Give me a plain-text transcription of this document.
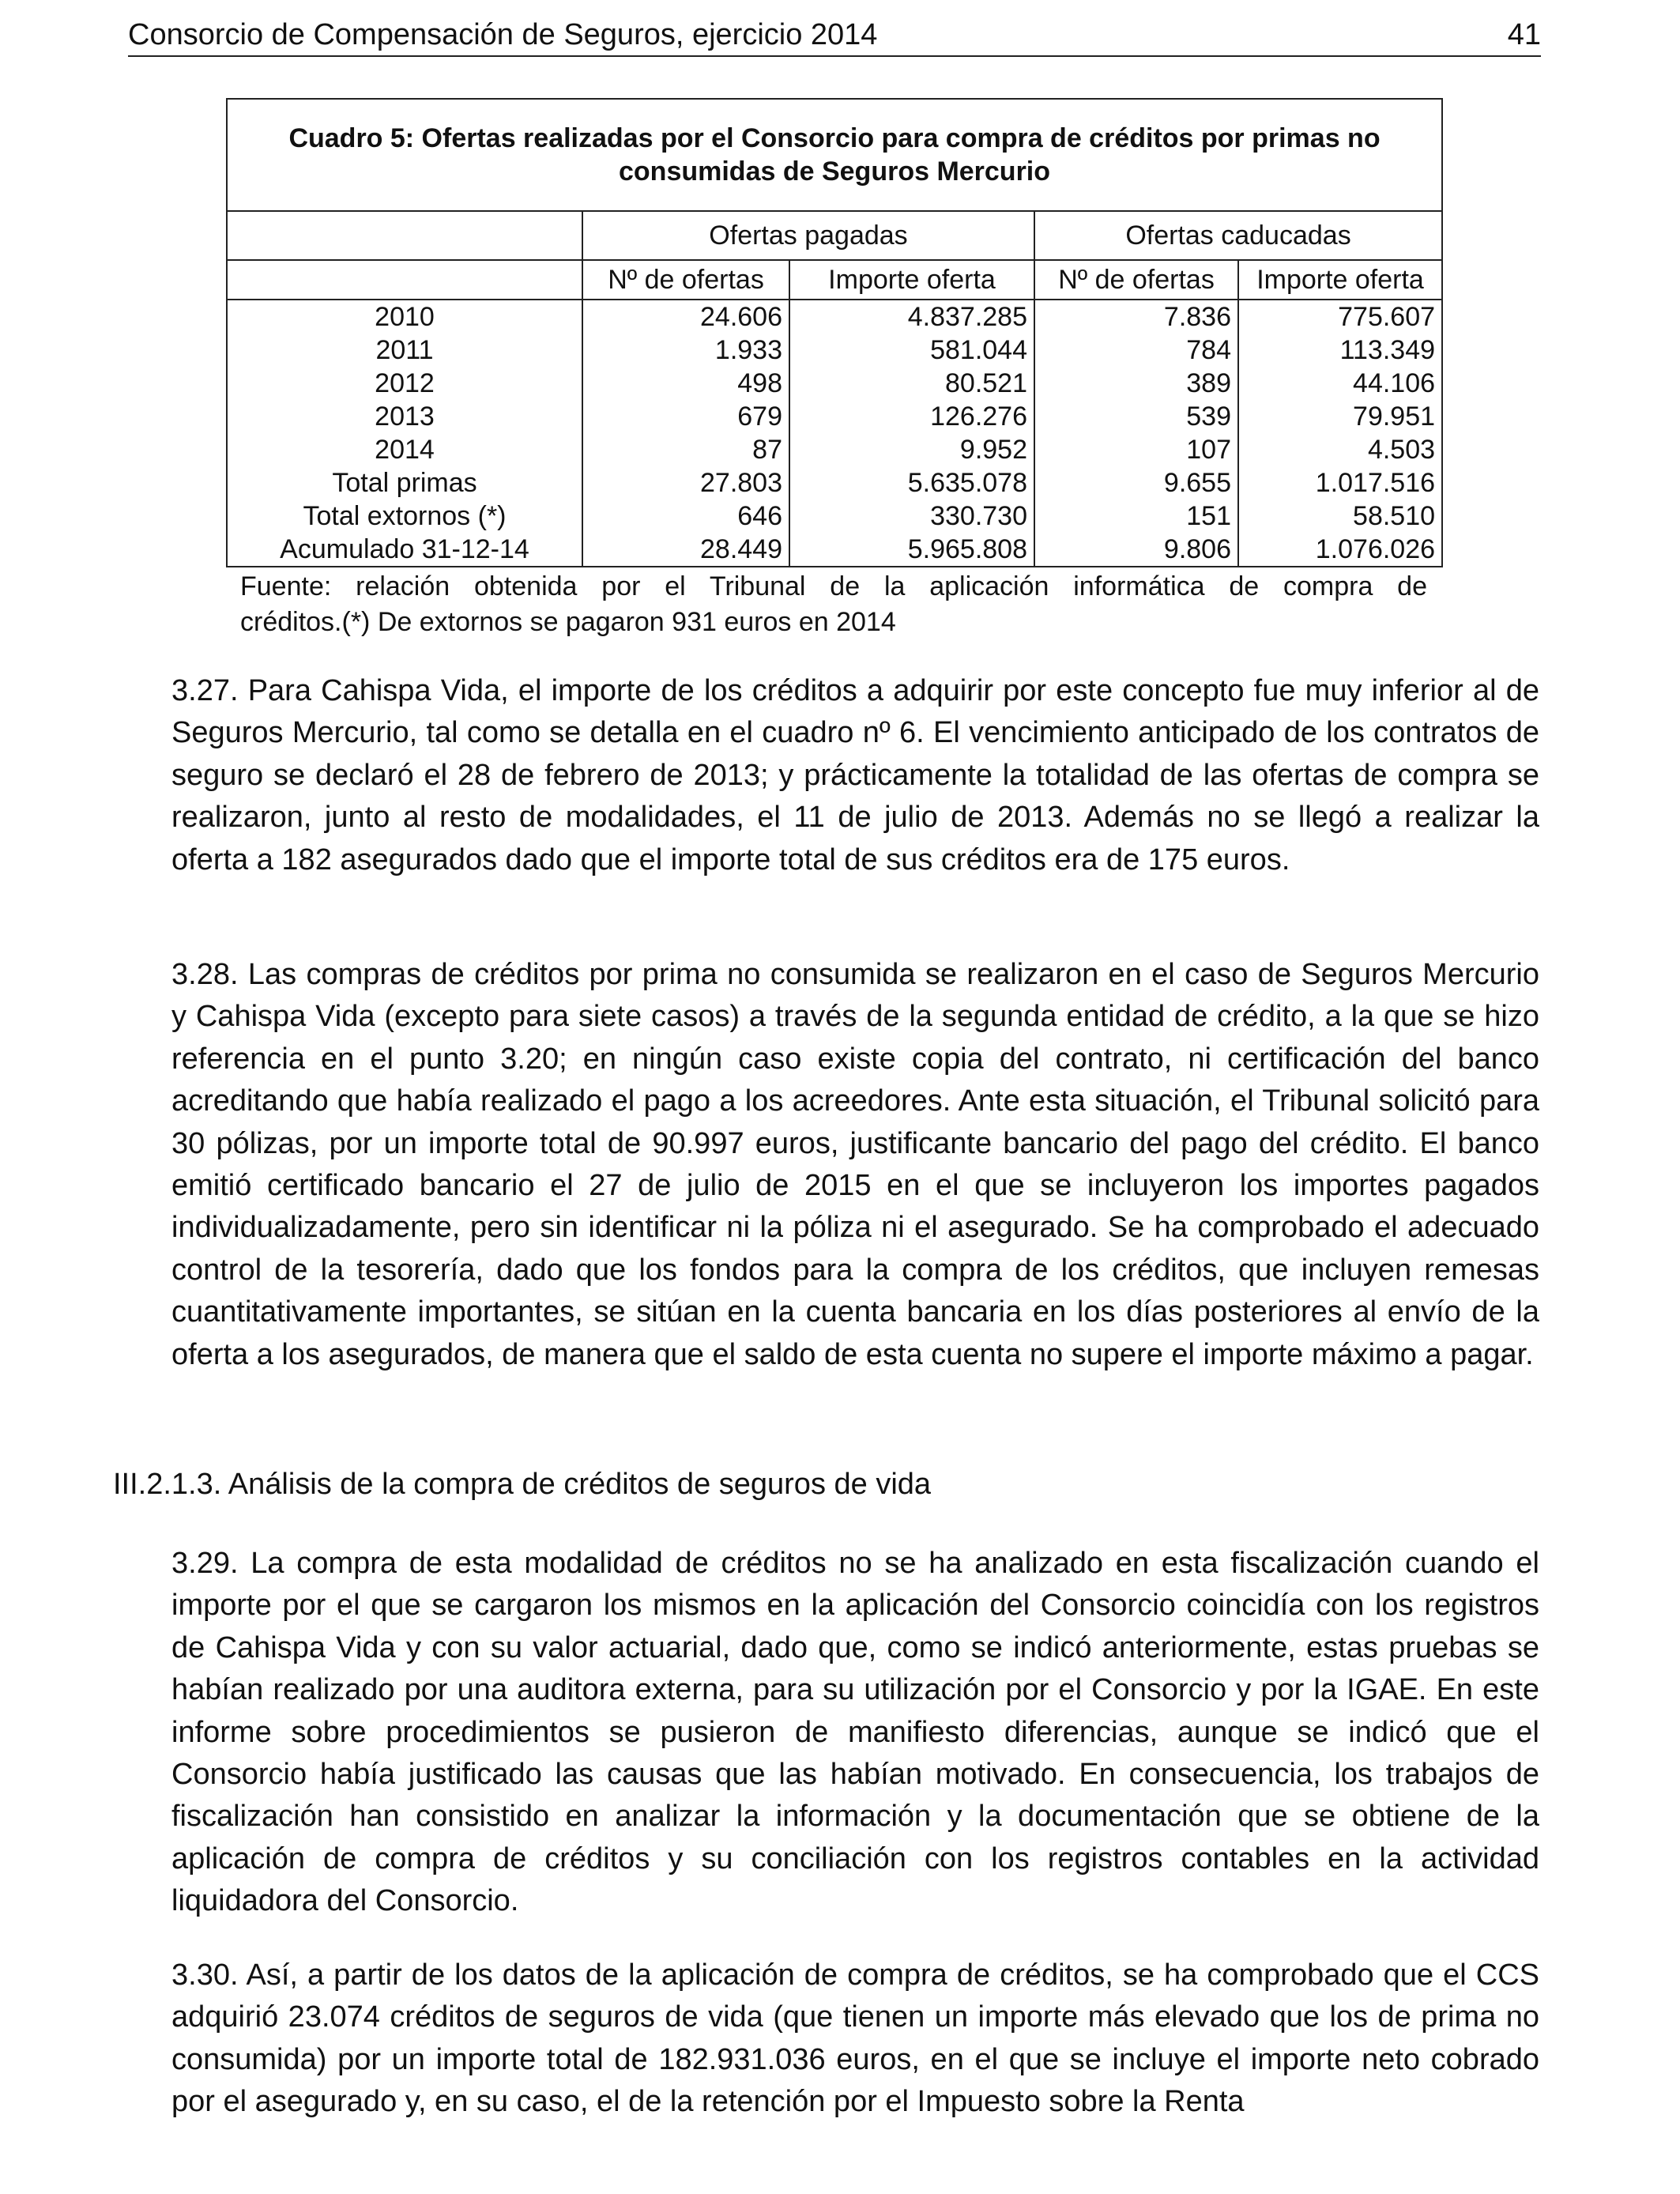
Consorcio de Compensación de Seguros, ejercicio 2014	41
Cuadro 5: Ofertas realizadas por el Consorcio para compra de créditos por primas no consumidas de Seguros Mercurio				
	Ofertas pagadas		Ofertas caducadas	
	Nº de ofertas	Importe oferta	Nº de ofertas	Importe oferta
2010	24.606	4.837.285	7.836	775.607
2011	1.933	581.044	784	113.349
2012	498	80.521	389	44.106
2013	679	126.276	539	79.951
2014	87	9.952	107	4.503
Total primas	27.803	5.635.078	9.655	1.017.516
Total extornos (*)	646	330.730	151	58.510
Acumulado 31-12-14	28.449	5.965.808	9.806	1.076.026
Fuente: relación obtenida por el Tribunal de la aplicación informática de compra de
créditos.(*) De extornos se pagaron 931 euros en 2014
3.27. Para Cahispa Vida, el importe de los créditos a adquirir por este concepto fue muy inferior al de Seguros Mercurio, tal como se detalla en el cuadro nº 6. El vencimiento anticipado de los contratos de seguro se declaró el 28 de febrero de 2013; y prácticamente la totalidad de las ofertas de compra se realizaron, junto al resto de modalidades, el 11 de julio de 2013. Además no se llegó a realizar la oferta a 182 asegurados dado que el importe total de sus créditos era de 175 euros.
3.28. Las compras de créditos por prima no consumida se realizaron en el caso de Seguros Mercurio y Cahispa Vida (excepto para siete casos) a través de la segunda entidad de crédito, a la que se hizo referencia en el punto 3.20; en ningún caso existe copia del contrato, ni certificación del banco acreditando que había realizado el pago a los acreedores. Ante esta situación, el Tribunal solicitó para 30 pólizas, por un importe total de 90.997 euros, justificante bancario del pago del crédito. El banco emitió certificado bancario el 27 de julio de 2015 en el que se incluyeron los importes pagados individualizadamente, pero sin identificar ni la póliza ni el asegurado. Se ha comprobado el adecuado control de la tesorería, dado que los fondos para la compra de los créditos, que incluyen remesas cuantitativamente importantes, se sitúan en la cuenta bancaria en los días posteriores al envío de la oferta a los asegurados, de manera que el saldo de esta cuenta no supere el importe máximo a pagar.
III.2.1.3. Análisis de la compra de créditos de seguros de vida
3.29. La compra de esta modalidad de créditos no se ha analizado en esta fiscalización cuando el importe por el que se cargaron los mismos en la aplicación del Consorcio coincidía con los registros de Cahispa Vida y con su valor actuarial, dado que, como se indicó anteriormente, estas pruebas se habían realizado por una auditora externa, para su utilización por el Consorcio y por la IGAE. En este informe sobre procedimientos se pusieron de manifiesto diferencias, aunque se indicó que el Consorcio había justificado las causas que las habían motivado. En consecuencia, los trabajos de fiscalización han consistido en analizar la información y la documentación que se obtiene de la aplicación de compra de créditos y su conciliación con los registros contables en la actividad liquidadora del Consorcio.
3.30. Así, a partir de los datos de la aplicación de compra de créditos, se ha comprobado que el CCS adquirió 23.074 créditos de seguros de vida (que tienen un importe más elevado que los de prima no consumida) por un importe total de 182.931.036 euros, en el que se incluye el importe neto cobrado por el asegurado y, en su caso, el de la retención por el Impuesto sobre la Renta
